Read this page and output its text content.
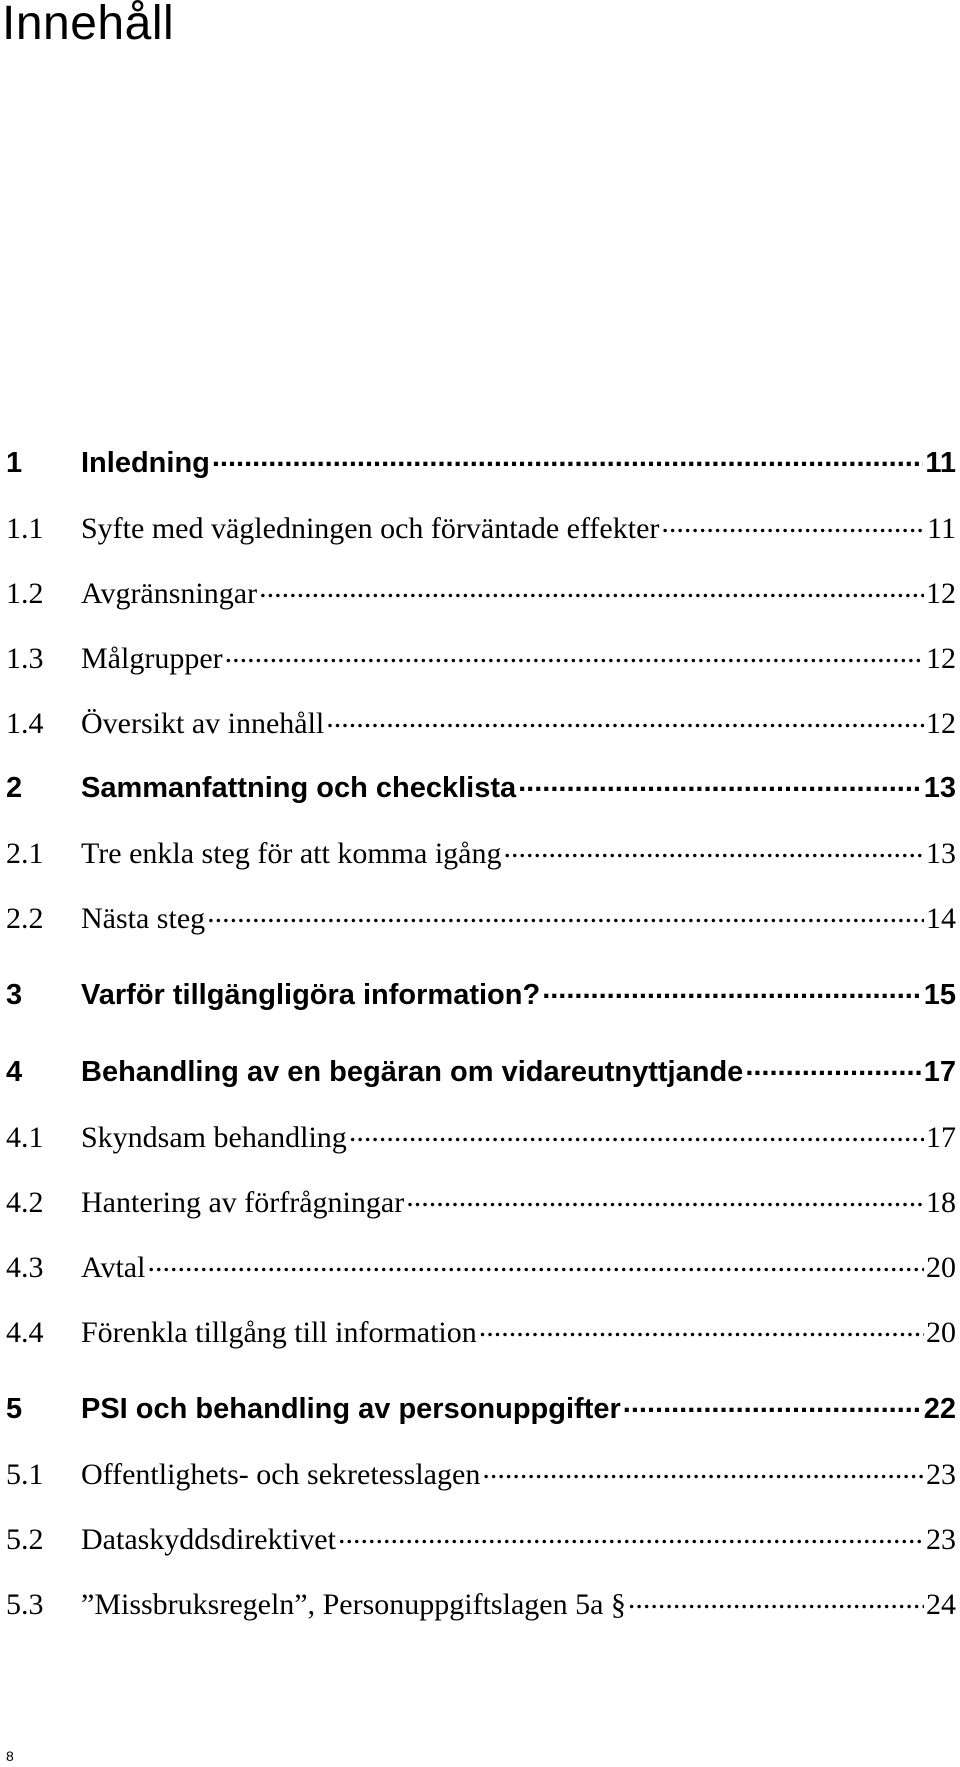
Innehåll
1	Inledning .....	11
1.1	Syfte med vägledningen och förväntade effekter .....	11
1.2	Avgränsningar .....	12
1.3	Målgrupper .....	12
1.4	Översikt av innehåll .....	12
2	Sammanfattning och checklista .....	13
2.1	Tre enkla steg för att komma igång .....	13
2.2	Nästa steg .....	14
3	Varför tillgängligöra information? .....	15
4	Behandling av en begäran om vidareutnyttjande .....	17
4.1	Skyndsam behandling .....	17
4.2	Hantering av förfrågningar .....	18
4.3	Avtal .....	20
4.4	Förenkla tillgång till information .....	20
5	PSI och behandling av personuppgifter .....	22
5.1	Offentlighets- och sekretesslagen .....	23
5.2	Dataskyddsdirektivet .....	23
5.3	”Missbruksregeln”, Personuppgiftslagen 5a § .....	24
8
